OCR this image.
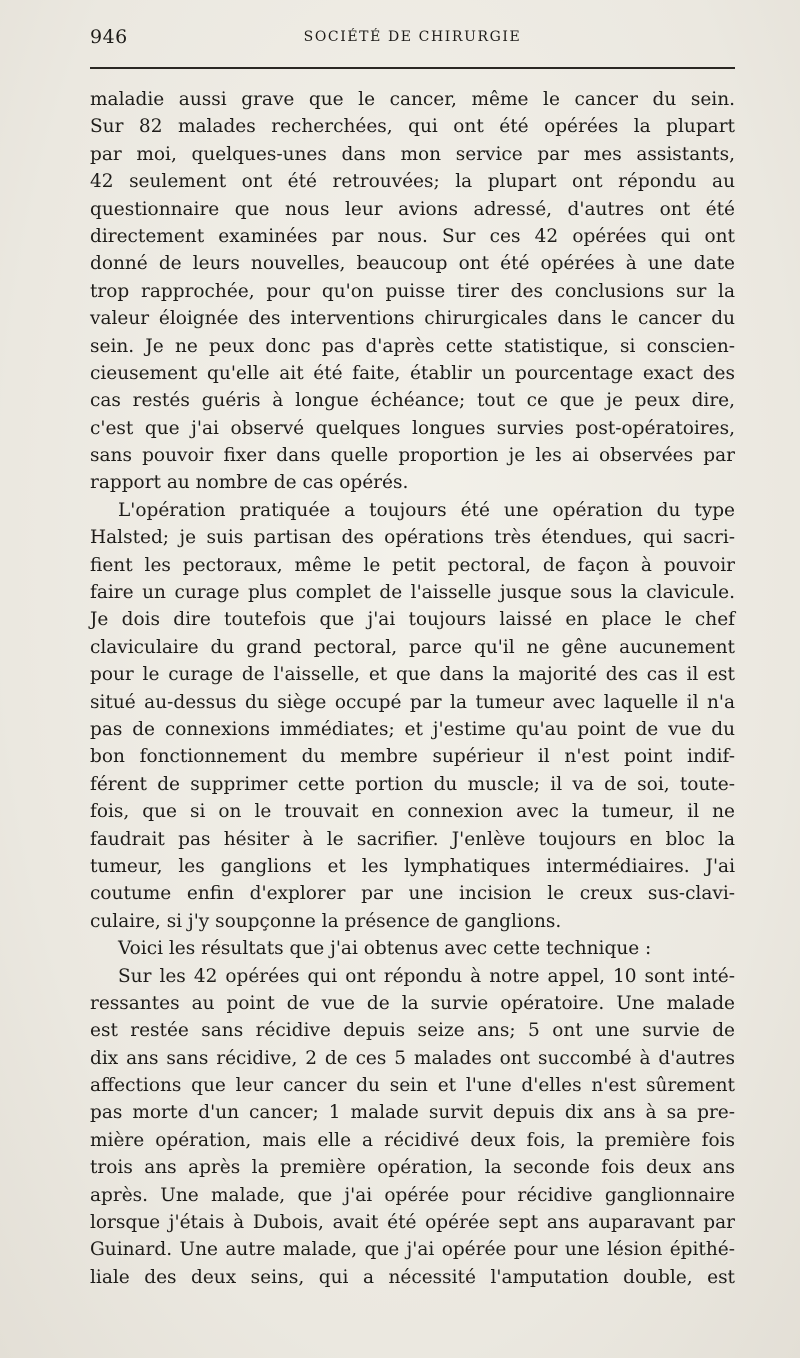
946	SOCIÉTÉ DE CHIRURGIE
maladie aussi grave que le cancer, même le cancer du sein.
Sur 82 malades recherchées, qui ont été opérées la plupart
par moi, quelques-unes dans mon service par mes assistants,
42 seulement ont été retrouvées; la plupart ont répondu au
questionnaire que nous leur avions adressé, d'autres ont été
directement examinées par nous. Sur ces 42 opérées qui ont
donné de leurs nouvelles, beaucoup ont été opérées à une date
trop rapprochée, pour qu'on puisse tirer des conclusions sur la
valeur éloignée des interventions chirurgicales dans le cancer du
sein. Je ne peux donc pas d'après cette statistique, si conscien-
cieusement qu'elle ait été faite, établir un pourcentage exact des
cas restés guéris à longue échéance; tout ce que je peux dire,
c'est que j'ai observé quelques longues survies post-opératoires,
sans pouvoir fixer dans quelle proportion je les ai observées par
rapport au nombre de cas opérés.
L'opération pratiquée a toujours été une opération du type
Halsted; je suis partisan des opérations très étendues, qui sacri-
fient les pectoraux, même le petit pectoral, de façon à pouvoir
faire un curage plus complet de l'aisselle jusque sous la clavicule.
Je dois dire toutefois que j'ai toujours laissé en place le chef
claviculaire du grand pectoral, parce qu'il ne gêne aucunement
pour le curage de l'aisselle, et que dans la majorité des cas il est
situé au-dessus du siège occupé par la tumeur avec laquelle il n'a
pas de connexions immédiates; et j'estime qu'au point de vue du
bon fonctionnement du membre supérieur il n'est point indif-
férent de supprimer cette portion du muscle; il va de soi, toute-
fois, que si on le trouvait en connexion avec la tumeur, il ne
faudrait pas hésiter à le sacrifier. J'enlève toujours en bloc la
tumeur, les ganglions et les lymphatiques intermédiaires. J'ai
coutume enfin d'explorer par une incision le creux sus-clavi-
culaire, si j'y soupçonne la présence de ganglions.
Voici les résultats que j'ai obtenus avec cette technique :
Sur les 42 opérées qui ont répondu à notre appel, 10 sont inté-
ressantes au point de vue de la survie opératoire. Une malade
est restée sans récidive depuis seize ans; 5 ont une survie de
dix ans sans récidive, 2 de ces 5 malades ont succombé à d'autres
affections que leur cancer du sein et l'une d'elles n'est sûrement
pas morte d'un cancer; 1 malade survit depuis dix ans à sa pre-
mière opération, mais elle a récidivé deux fois, la première fois
trois ans après la première opération, la seconde fois deux ans
après. Une malade, que j'ai opérée pour récidive ganglionnaire
lorsque j'étais à Dubois, avait été opérée sept ans auparavant par
Guinard. Une autre malade, que j'ai opérée pour une lésion épithé-
liale des deux seins, qui a nécessité l'amputation double, est
